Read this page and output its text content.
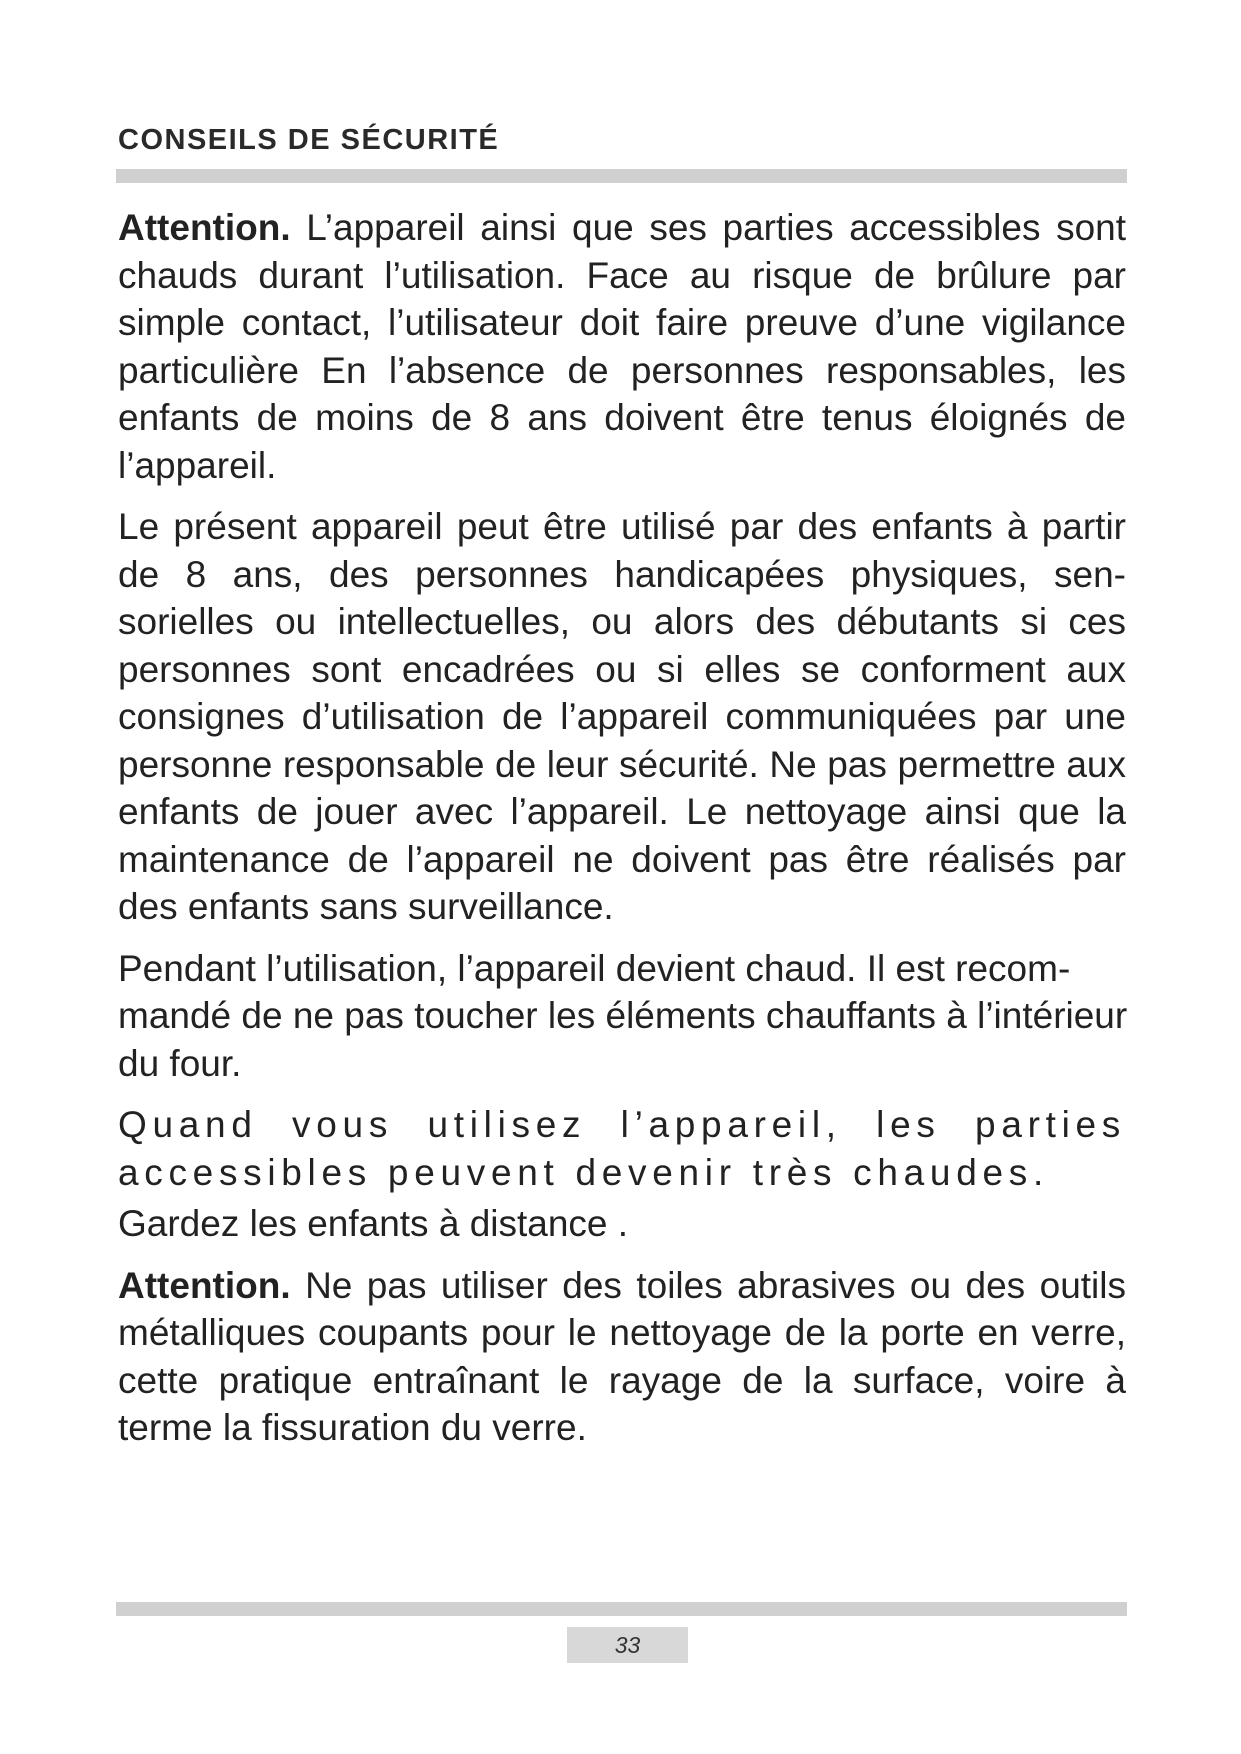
CONSEILS DE SÉCURITÉ

Attention. L’appareil ainsi que ses parties accessibles sont chauds durant l’utilisation. Face au risque de brûlure par simple contact, l’utilisateur doit faire preuve d’une vigilance particulière En l’absence de personnes responsables, les enfants de moins de 8 ans doivent être tenus éloignés de l’appareil.

Le présent appareil peut être utilisé par des enfants à partir de 8 ans, des personnes handicapées physiques, sensorielles ou intellectuelles, ou alors des débutants si ces personnes sont encadrées ou si elles se conforment aux consignes d’utilisation de l’appareil communiquées par une personne responsable de leur sécurité. Ne pas permettre aux enfants de jouer avec l’appareil. Le nettoyage ainsi que la maintenance de l’appareil ne doivent pas être réalisés par des enfants sans surveillance.

Pendant l’utilisation, l’appareil devient chaud. Il est recommandé de ne pas toucher les éléments chauffants à l’intérieur du four.

Quand vous utilisez l’appareil, les parties accessibles peuvent devenir très chaudes.

Gardez les enfants à distance .

Attention. Ne pas utiliser des toiles abrasives ou des outils métalliques coupants pour le nettoyage de la porte en verre, cette pratique entraînant le rayage de la surface, voire à terme la fissuration du verre.

33
